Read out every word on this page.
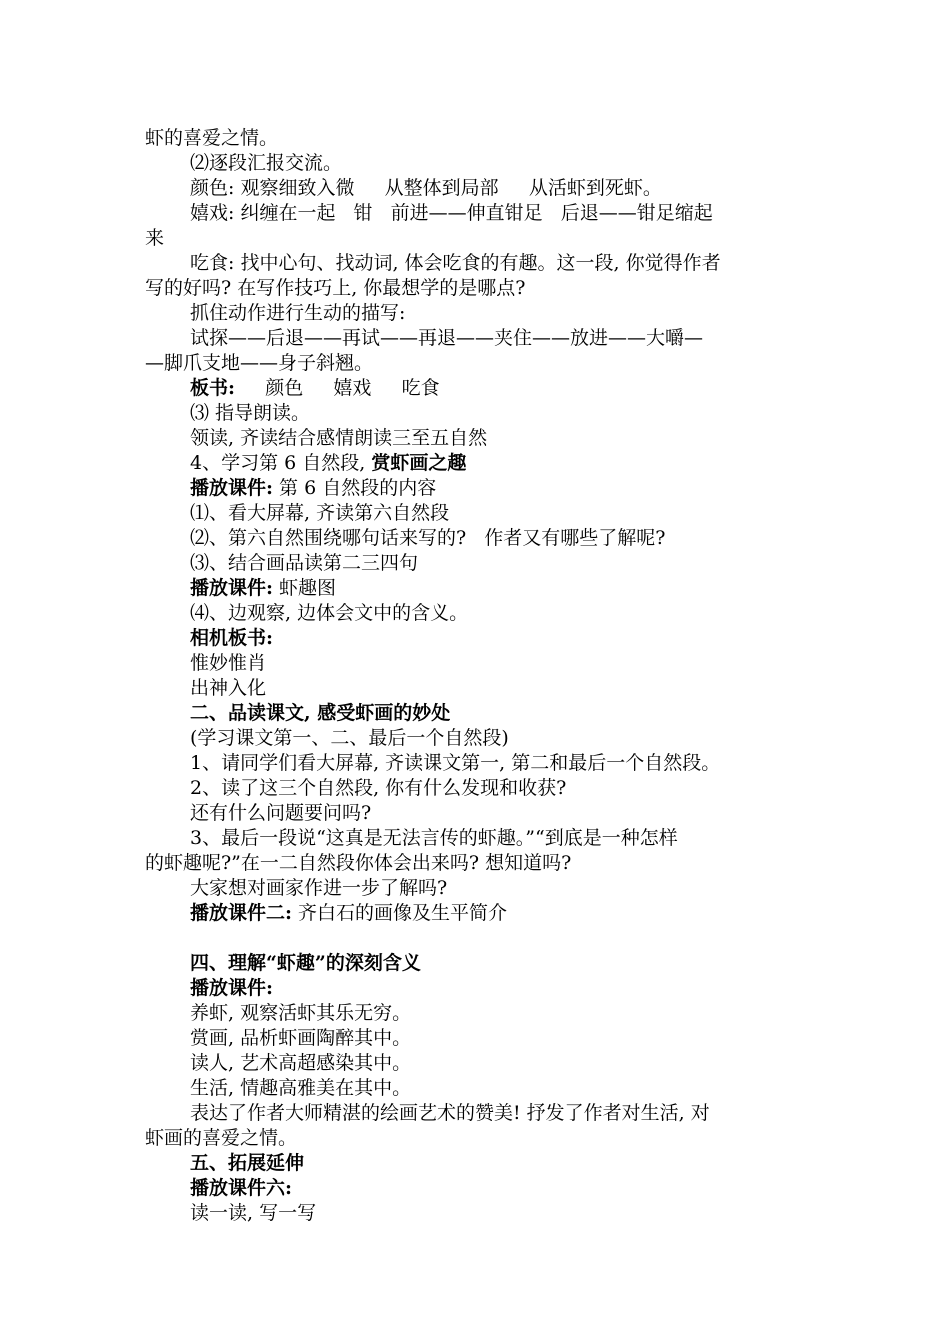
虾的喜爱之情。
⑵逐段汇报交流。
颜色: 观察细致入微     从整体到局部     从活虾到死虾。
嬉戏: 纠缠在一起   钳   前进——伸直钳足   后退——钳足缩起
来
吃食: 找中心句、找动词, 体会吃食的有趣。这一段, 你觉得作者
写的好吗? 在写作技巧上, 你最想学的是哪点?
抓住动作进行生动的描写:
试探——后退——再试——再退——夹住——放进——大嚼—
—脚爪支地——身子斜翘。
板书:     颜色     嬉戏     吃食
⑶ 指导朗读。
领读, 齐读结合感情朗读三至五自然
4、学习第 6 自然段, 赏虾画之趣
播放课件: 第 6 自然段的内容
⑴、看大屏幕, 齐读第六自然段
⑵、第六自然围绕哪句话来写的?   作者又有哪些了解呢?
⑶、结合画品读第二三四句
播放课件: 虾趣图
⑷、边观察, 边体会文中的含义。
相机板书:
惟妙惟肖
出神入化
二、品读课文, 感受虾画的妙处
(学习课文第一、二、最后一个自然段)
1、请同学们看大屏幕, 齐读课文第一, 第二和最后一个自然段。
2、读了这三个自然段, 你有什么发现和收获?
还有什么问题要问吗?
3、最后一段说“这真是无法言传的虾趣。”“到底是一种怎样
的虾趣呢?”在一二自然段你体会出来吗? 想知道吗?
大家想对画家作进一步了解吗?
播放课件二: 齐白石的画像及生平简介
四、理解“虾趣”的深刻含义
播放课件:
养虾, 观察活虾其乐无穷。
赏画, 品析虾画陶醉其中。
读人, 艺术高超感染其中。
生活, 情趣高雅美在其中。
表达了作者大师精湛的绘画艺术的赞美! 抒发了作者对生活, 对
虾画的喜爱之情。
五、拓展延伸
播放课件六:
读一读, 写一写
